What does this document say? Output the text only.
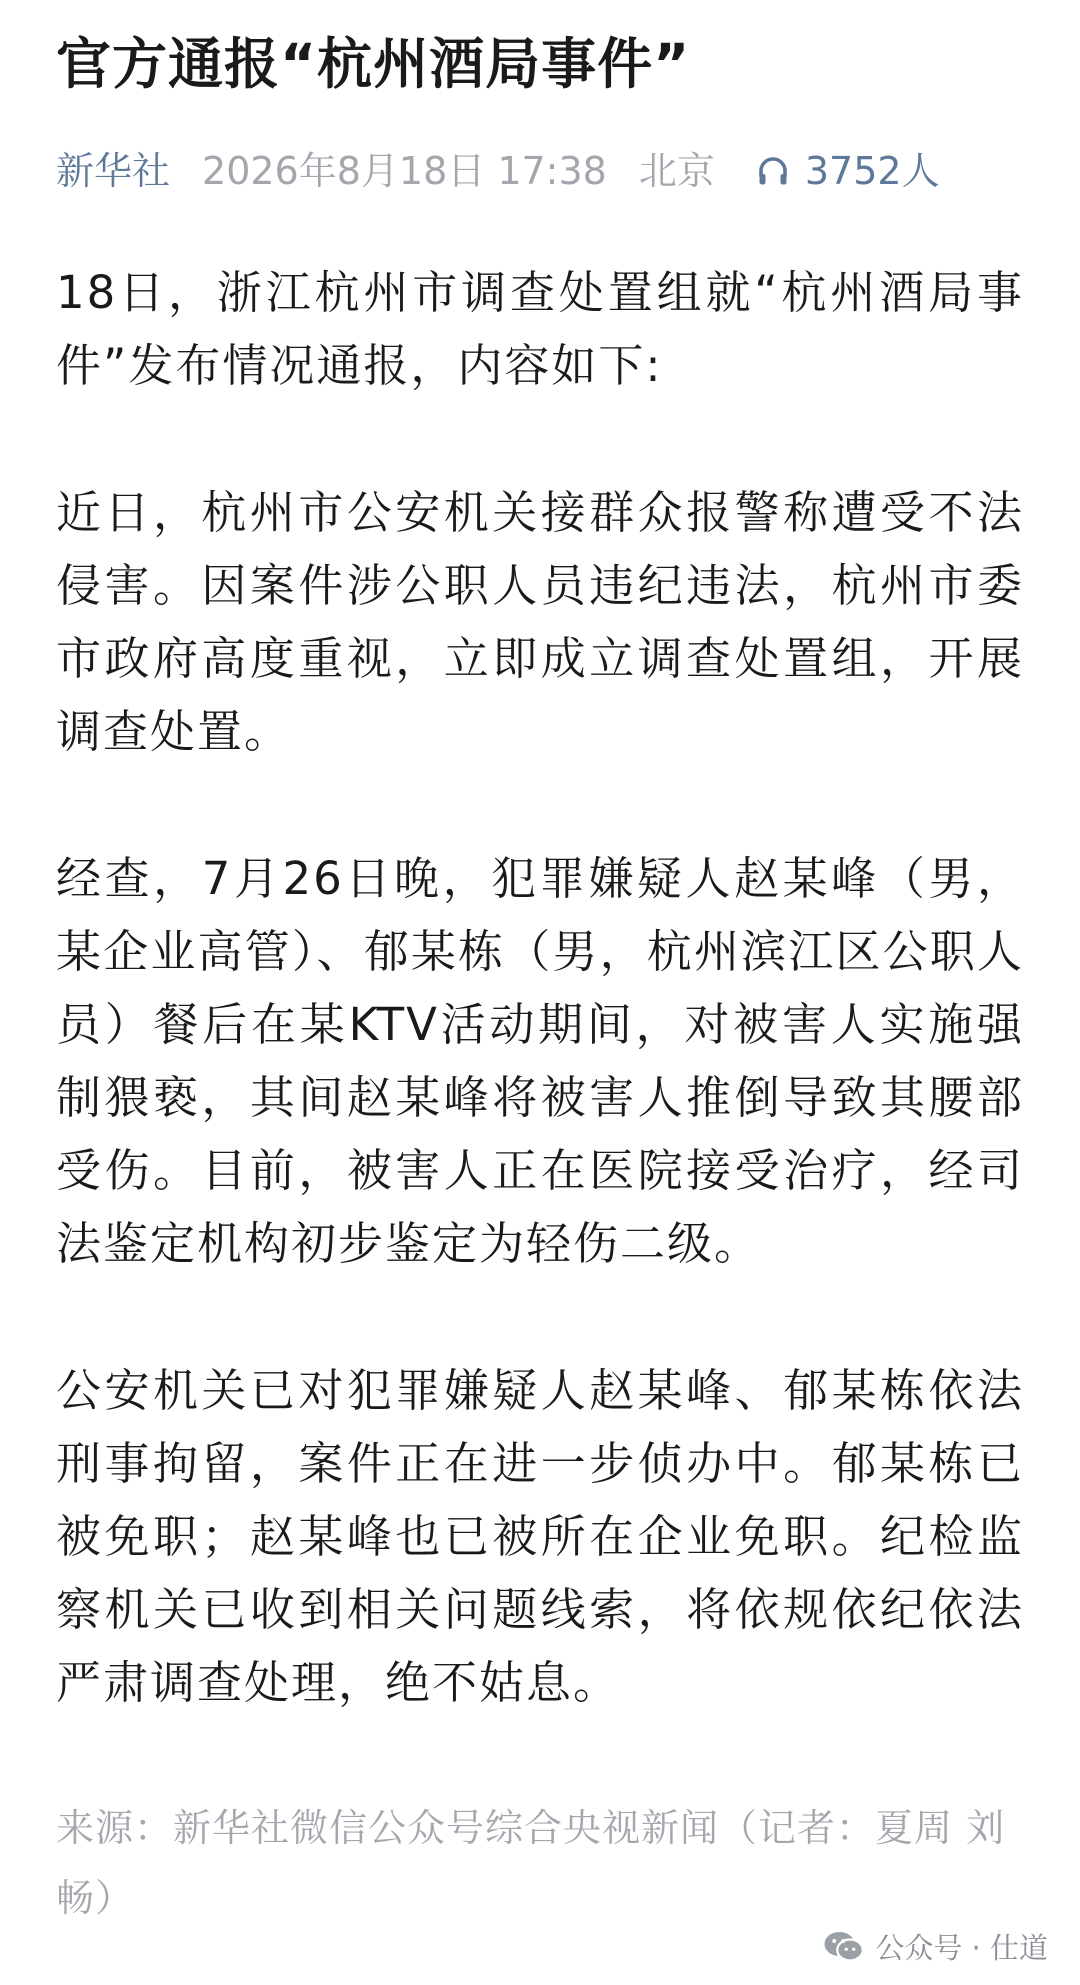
官方通报“杭州酒局事件”
新华社 2026年8月18日 17:38 北京 3752人

18日，浙江杭州市调查处置组就“杭州酒局事件”发布情况通报，内容如下:

近日，杭州市公安机关接群众报警称遭受不法侵害。因案件涉公职人员违纪违法，杭州市委市政府高度重视，立即成立调查处置组，开展调查处置。

经查，7月26日晚，犯罪嫌疑人赵某峰（男，某企业高管）、郁某栋（男，杭州滨江区公职人员）餐后在某KTV活动期间，对被害人实施强制猥亵，其间赵某峰将被害人推倒导致其腰部受伤。目前，被害人正在医院接受治疗，经司法鉴定机构初步鉴定为轻伤二级。

公安机关已对犯罪嫌疑人赵某峰、郁某栋依法刑事拘留，案件正在进一步侦办中。郁某栋已被免职；赵某峰也已被所在企业免职。纪检监察机关已收到相关问题线索，将依规依纪依法严肃调查处理，绝不姑息。

来源：新华社微信公众号综合央视新闻（记者：夏周 刘畅）

公众号 · 仕道
